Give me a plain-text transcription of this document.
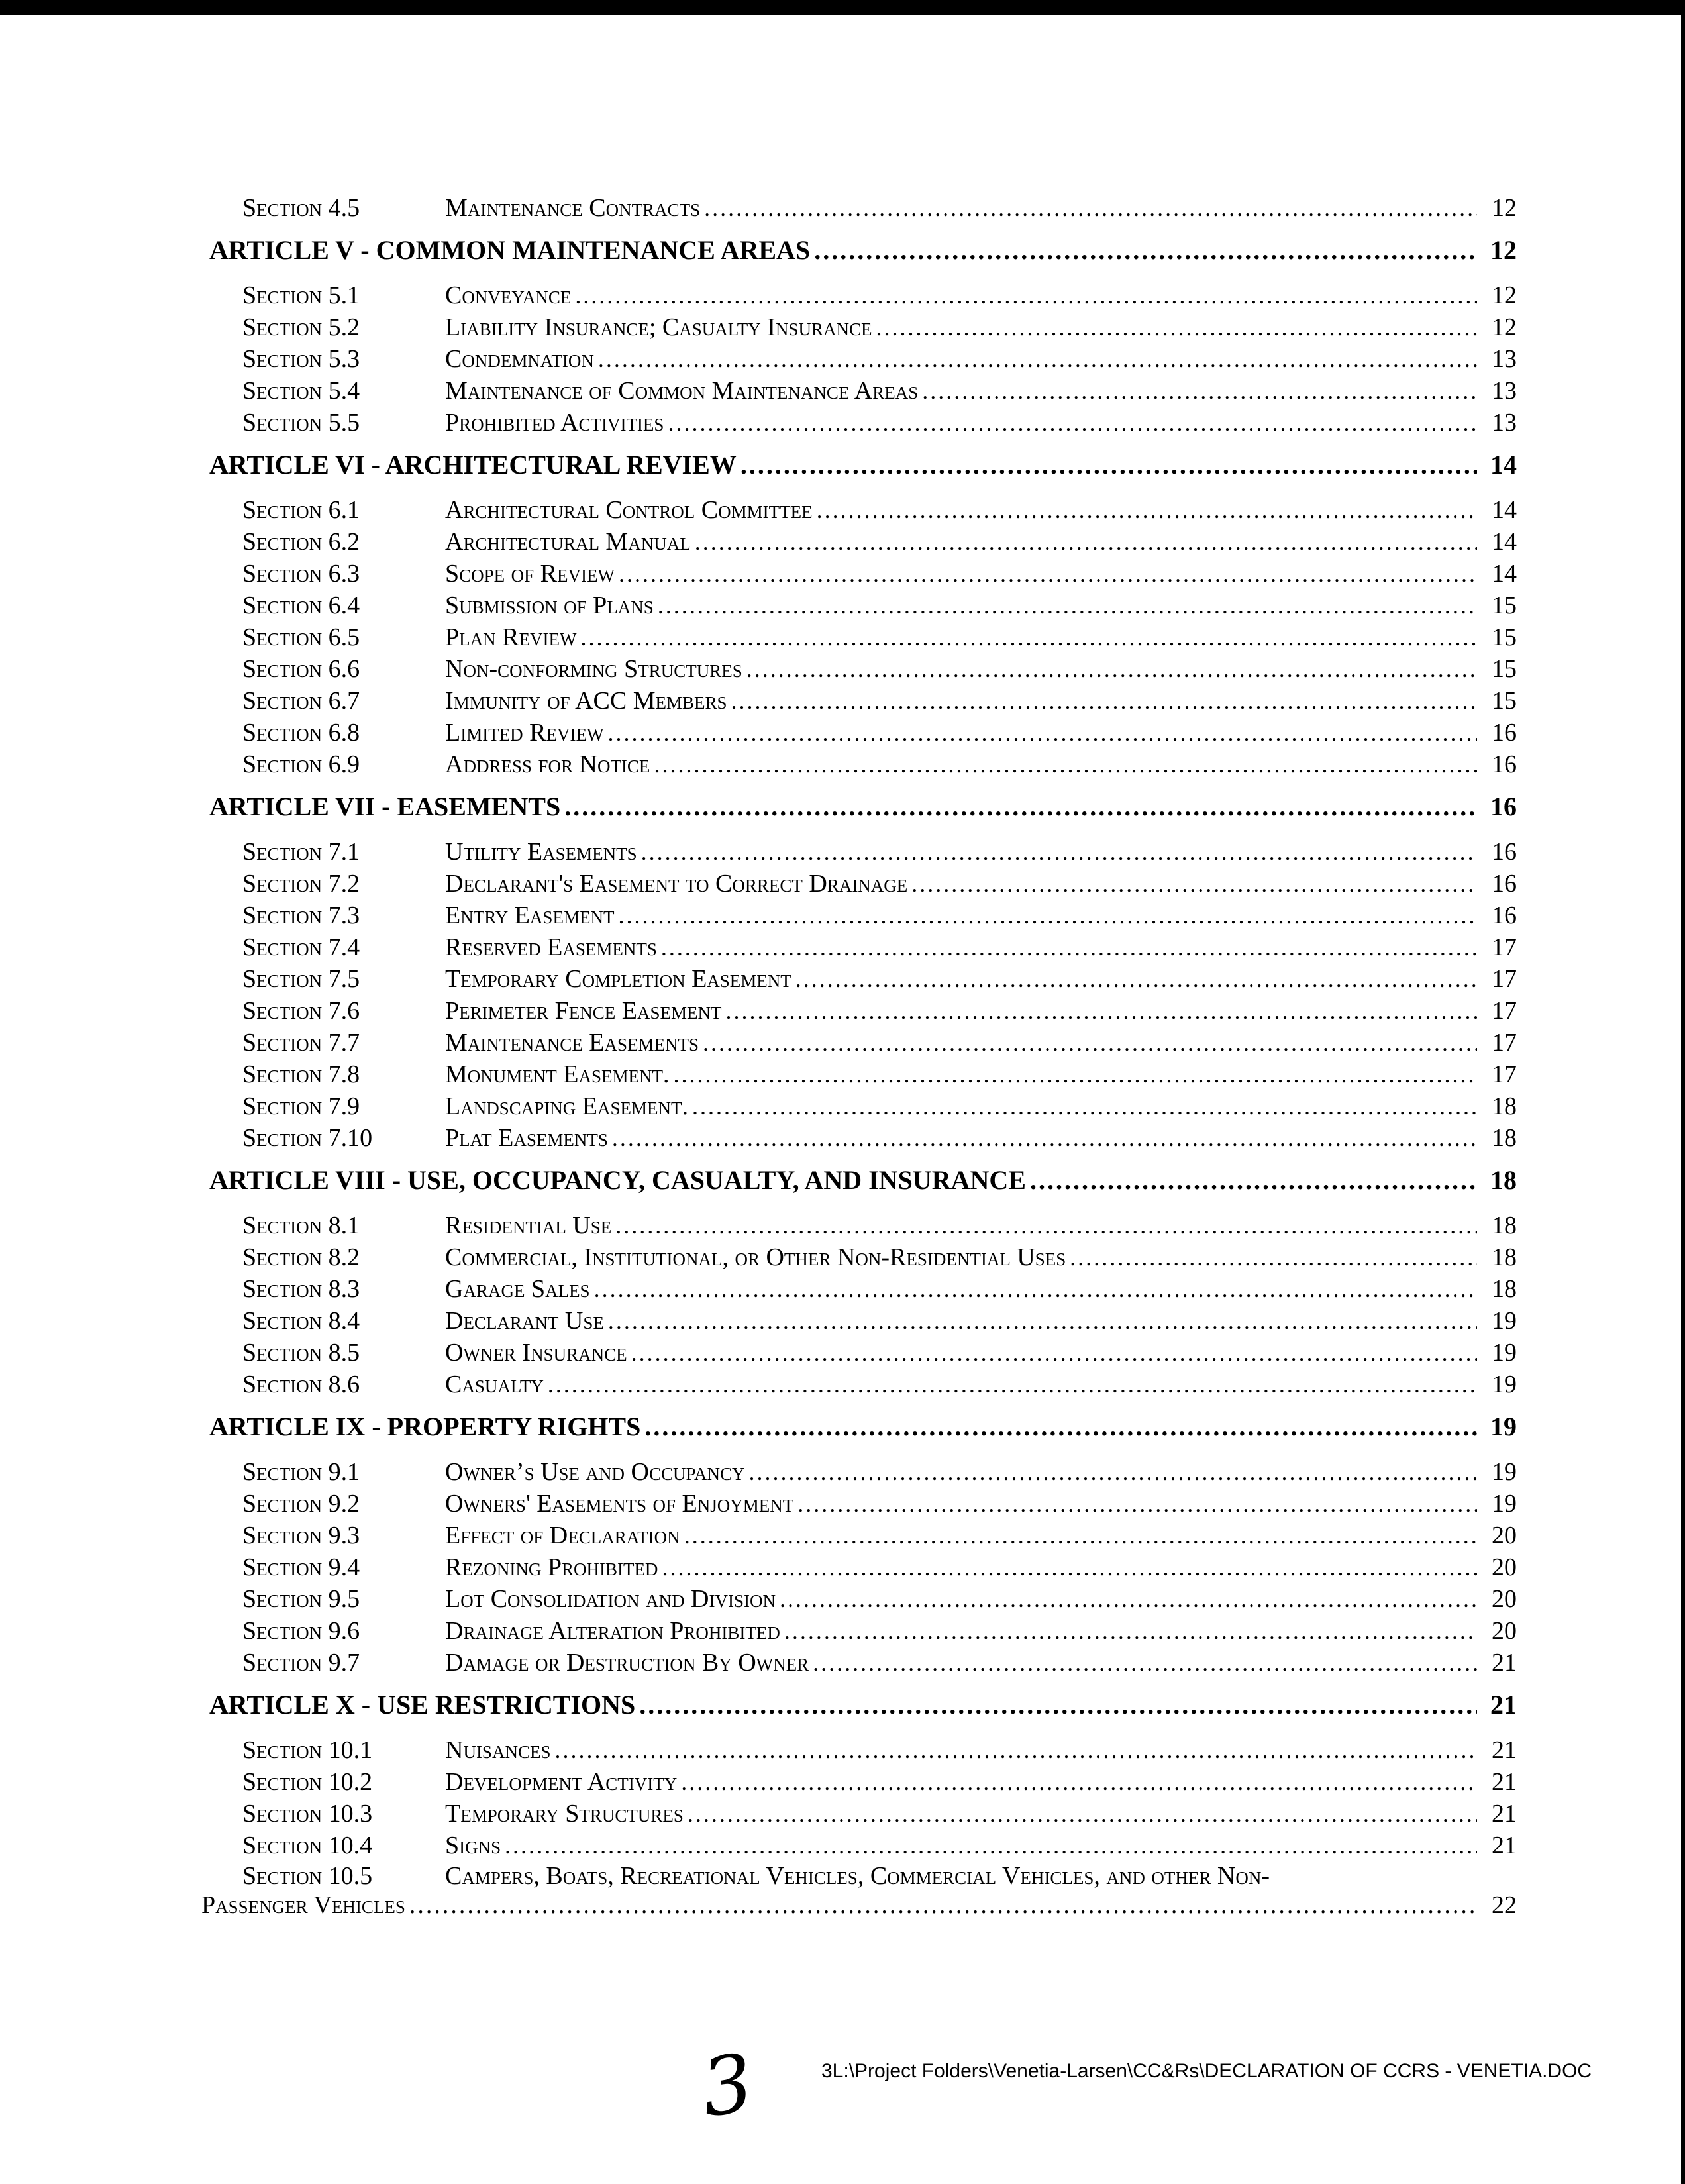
Section 4.5	Maintenance Contracts .....	12
ARTICLE V - COMMON MAINTENANCE AREAS .....	12
Section 5.1	Conveyance .....	12
Section 5.2	Liability Insurance; Casualty Insurance .....	12
Section 5.3	Condemnation .....	13
Section 5.4	Maintenance of Common Maintenance Areas .....	13
Section 5.5	Prohibited Activities .....	13
ARTICLE VI - ARCHITECTURAL REVIEW .....	14
Section 6.1	Architectural Control Committee .....	14
Section 6.2	Architectural Manual .....	14
Section 6.3	Scope of Review .....	14
Section 6.4	Submission of Plans .....	15
Section 6.5	Plan Review .....	15
Section 6.6	Non-conforming Structures .....	15
Section 6.7	Immunity of ACC Members .....	15
Section 6.8	Limited Review .....	16
Section 6.9	Address for Notice .....	16
ARTICLE VII - EASEMENTS .....	16
Section 7.1	Utility Easements .....	16
Section 7.2	Declarant's Easement to Correct Drainage .....	16
Section 7.3	Entry Easement .....	16
Section 7.4	Reserved Easements .....	17
Section 7.5	Temporary Completion Easement .....	17
Section 7.6	Perimeter Fence Easement .....	17
Section 7.7	Maintenance Easements .....	17
Section 7.8	Monument Easement. .....	17
Section 7.9	Landscaping Easement. .....	18
Section 7.10	Plat Easements .....	18
ARTICLE VIII - USE, OCCUPANCY, CASUALTY, AND INSURANCE .....	18
Section 8.1	Residential Use .....	18
Section 8.2	Commercial, Institutional, or Other Non-Residential Uses .....	18
Section 8.3	Garage Sales .....	18
Section 8.4	Declarant Use .....	19
Section 8.5	Owner Insurance .....	19
Section 8.6	Casualty .....	19
ARTICLE IX - PROPERTY RIGHTS .....	19
Section 9.1	Owner’s Use and Occupancy .....	19
Section 9.2	Owners' Easements of Enjoyment .....	19
Section 9.3	Effect of Declaration .....	20
Section 9.4	Rezoning Prohibited .....	20
Section 9.5	Lot Consolidation and Division .....	20
Section 9.6	Drainage Alteration Prohibited .....	20
Section 9.7	Damage or Destruction By Owner .....	21
ARTICLE X - USE RESTRICTIONS .....	21
Section 10.1	Nuisances .....	21
Section 10.2	Development Activity .....	21
Section 10.3	Temporary Structures .....	21
Section 10.4	Signs .....	21
Section 10.5	Campers, Boats, Recreational Vehicles, Commercial Vehicles, and other Non-
Passenger Vehicles .....	22
3	3L:\Project Folders\Venetia-Larsen\CC&Rs\DECLARATION OF CCRS - VENETIA.DOC
